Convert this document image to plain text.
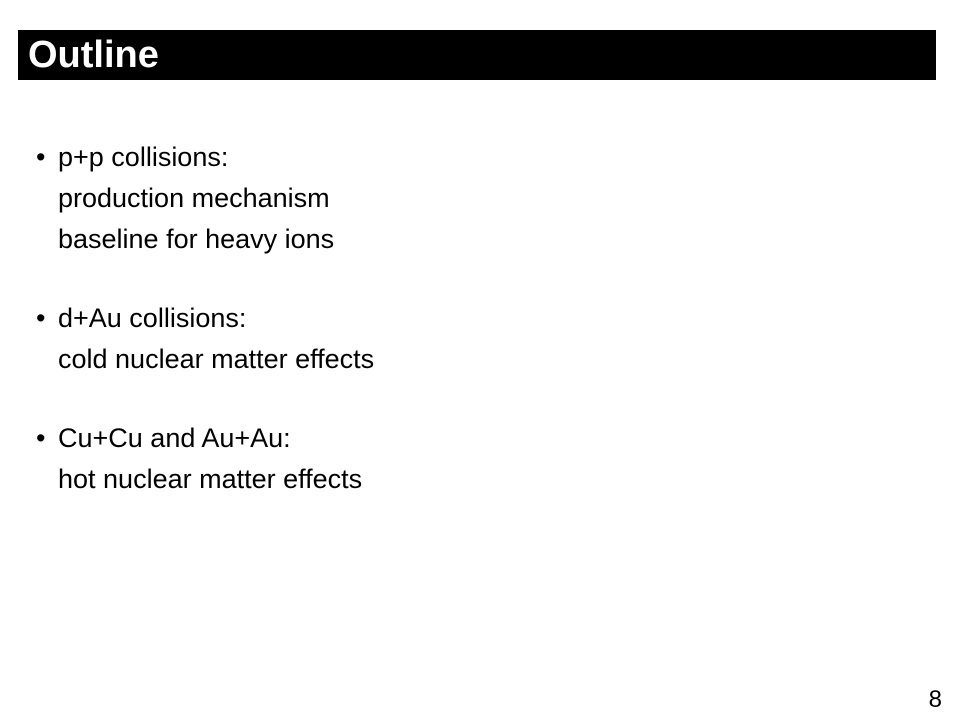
Outline
• p+p collisions:
production mechanism
baseline for heavy ions
• d+Au collisions:
cold nuclear matter effects
• Cu+Cu and Au+Au:
hot nuclear matter effects
8
